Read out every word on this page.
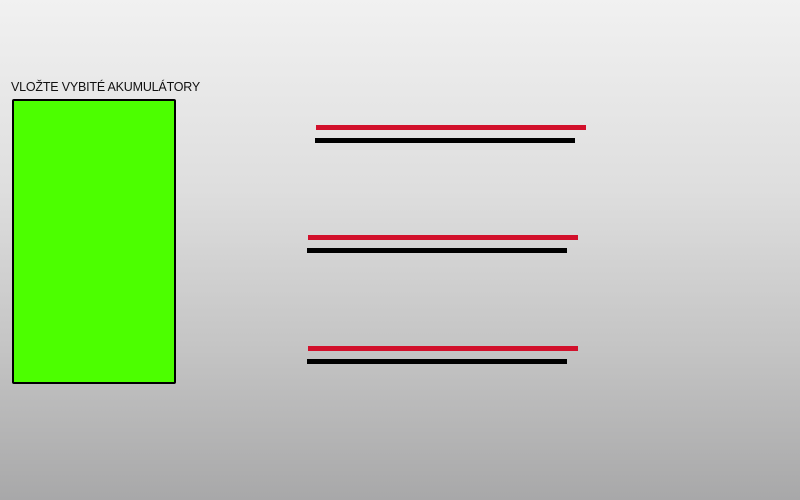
VLOŽTE VYBITÉ AKUMULÁTORY
